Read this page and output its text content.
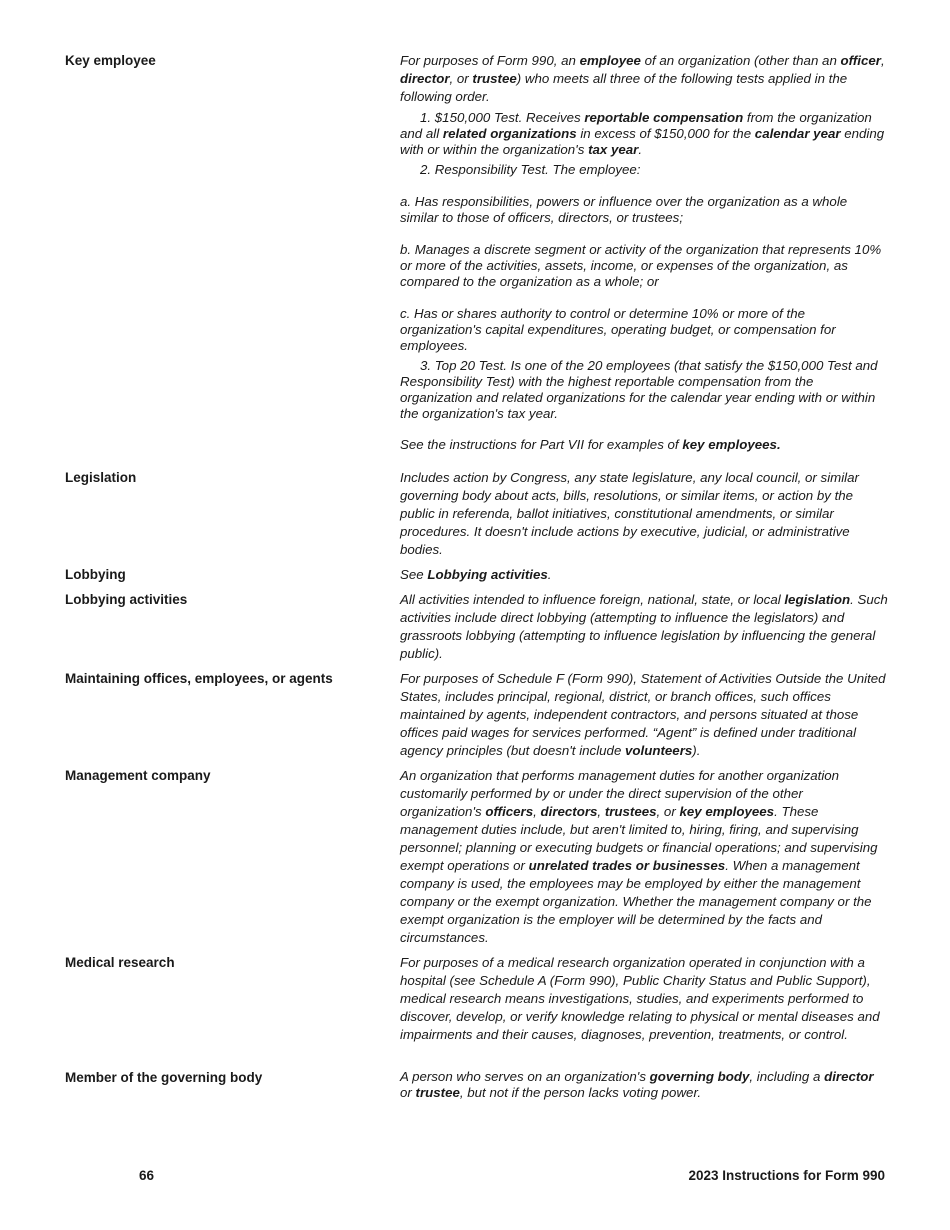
Key employee	For purposes of Form 990, an employee of an organization (other than an officer, director, or trustee) who meets all three of the following tests applied in the following order.

1. $150,000 Test. Receives reportable compensation from the organization and all related organizations in excess of $150,000 for the calendar year ending with or within the organization's tax year.

2. Responsibility Test. The employee:

a. Has responsibilities, powers or influence over the organization as a whole similar to those of officers, directors, or trustees;

b. Manages a discrete segment or activity of the organization that represents 10% or more of the activities, assets, income, or expenses of the organization, as compared to the organization as a whole; or

c. Has or shares authority to control or determine 10% or more of the organization's capital expenditures, operating budget, or compensation for employees.

3. Top 20 Test. Is one of the 20 employees (that satisfy the $150,000 Test and Responsibility Test) with the highest reportable compensation from the organization and related organizations for the calendar year ending with or within the organization's tax year.

See the instructions for Part VII for examples of key employees.

Legislation	Includes action by Congress, any state legislature, any local council, or similar governing body about acts, bills, resolutions, or similar items, or action by the public in referenda, ballot initiatives, constitutional amendments, or similar procedures. It doesn't include actions by executive, judicial, or administrative bodies.
Lobbying	See Lobbying activities.
Lobbying activities	All activities intended to influence foreign, national, state, or local legislation. Such activities include direct lobbying (attempting to influence the legislators) and grassroots lobbying (attempting to influence legislation by influencing the general public).
Maintaining offices, employees, or agents	For purposes of Schedule F (Form 990), Statement of Activities Outside the United States, includes principal, regional, district, or branch offices, such offices maintained by agents, independent contractors, and persons situated at those offices paid wages for services performed. “Agent” is defined under traditional agency principles (but doesn't include volunteers).
Management company	An organization that performs management duties for another organization customarily performed by or under the direct supervision of the other organization's officers, directors, trustees, or key employees. These management duties include, but aren't limited to, hiring, firing, and supervising personnel; planning or executing budgets or financial operations; and supervising exempt operations or unrelated trades or businesses. When a management company is used, the employees may be employed by either the management company or the exempt organization. Whether the management company or the exempt organization is the employer will be determined by the facts and circumstances.
Medical research	For purposes of a medical research organization operated in conjunction with a hospital (see Schedule A (Form 990), Public Charity Status and Public Support), medical research means investigations, studies, and experiments performed to discover, develop, or verify knowledge relating to physical or mental diseases and impairments and their causes, diagnoses, prevention, treatments, or control.
Member of the governing body	A person who serves on an organization's governing body, including a director or trustee, but not if the person lacks voting power.
66	2023 Instructions for Form 990
